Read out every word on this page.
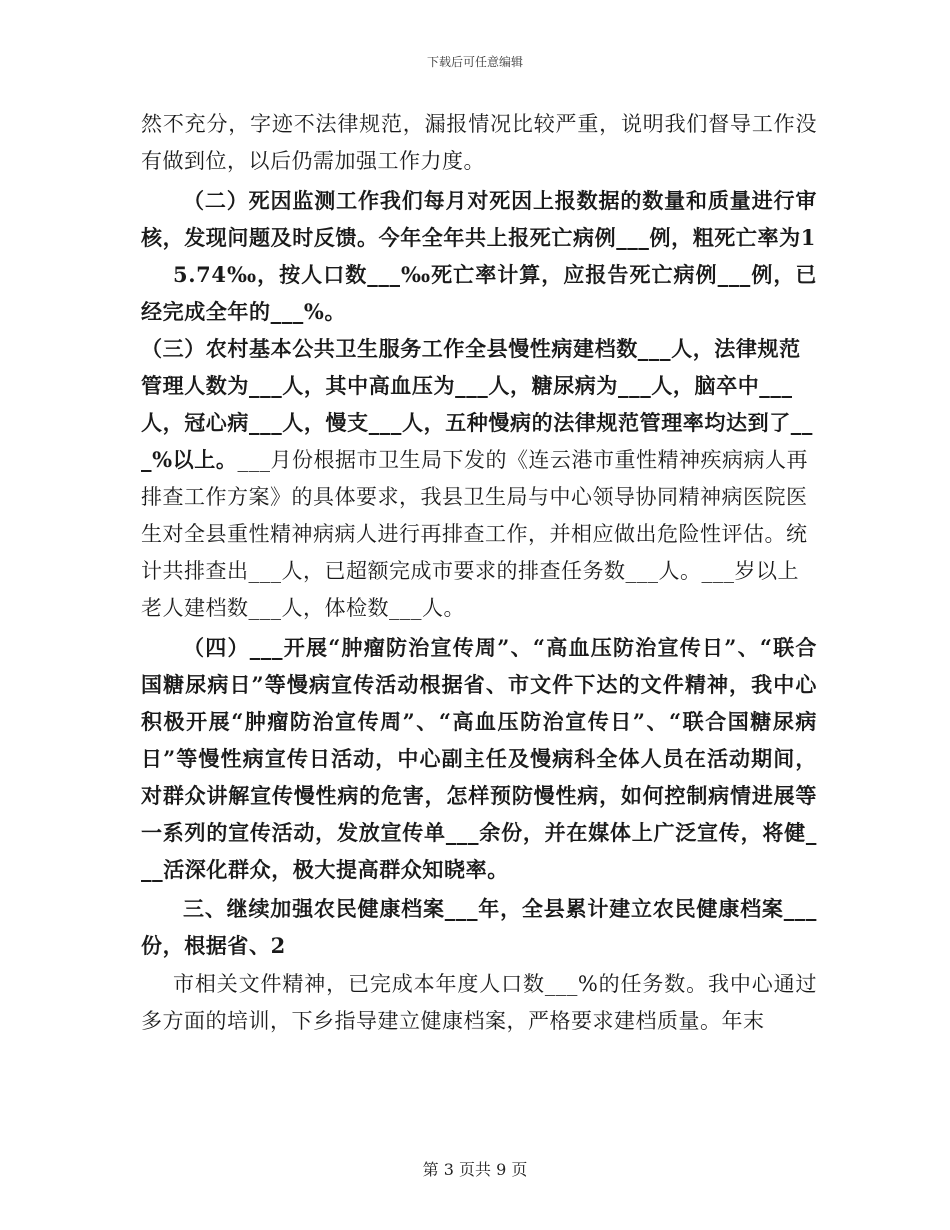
下载后可任意编辑

然不充分，字迹不法律规范，漏报情况比较严重，说明我们督导工作没有做到位，以后仍需加强工作力度。

（二）死因监测工作我们每月对死因上报数据的数量和质量进行审核，发现问题及时反馈。今年全年共上报死亡病例___例，粗死亡率为1

5.74‰，按人口数___‰死亡率计算，应报告死亡病例___例，已经完成全年的___%。

（三）农村基本公共卫生服务工作全县慢性病建档数___人，法律规范管理人数为___人，其中高血压为___人，糖尿病为___人，脑卒中___人，冠心病___人，慢支___人，五种慢病的法律规范管理率均达到了___%以上。

___月份根据市卫生局下发的《连云港市重性精神疾病病人再排查工作方案》的具体要求，我县卫生局与中心领导协同精神病医院医生对全县重性精神病病人进行再排查工作，并相应做出危险性评估。统计共排查出___人，已超额完成市要求的排查任务数___人。___岁以上老人建档数___人，体检数___人。

（四）___开展“肿瘤防治宣传周”、“高血压防治宣传日”、“联合国糖尿病日”等慢病宣传活动根据省、市文件下达的文件精神，我中心积极开展“肿瘤防治宣传周”、“高血压防治宣传日”、“联合国糖尿病日”等慢性病宣传日活动，中心副主任及慢病科全体人员在活动期间，对群众讲解宣传慢性病的危害，怎样预防慢性病，如何控制病情进展等一系列的宣传活动，发放宣传单___余份，并在媒体上广泛宣传，将健___活深化群众，极大提高群众知晓率。

三、继续加强农民健康档案___年，全县累计建立农民健康档案___份，根据省、2

市相关文件精神，已完成本年度人口数___%的任务数。我中心通过多方面的培训，下乡指导建立健康档案，严格要求建档质量。年末

第 3 页共 9 页
